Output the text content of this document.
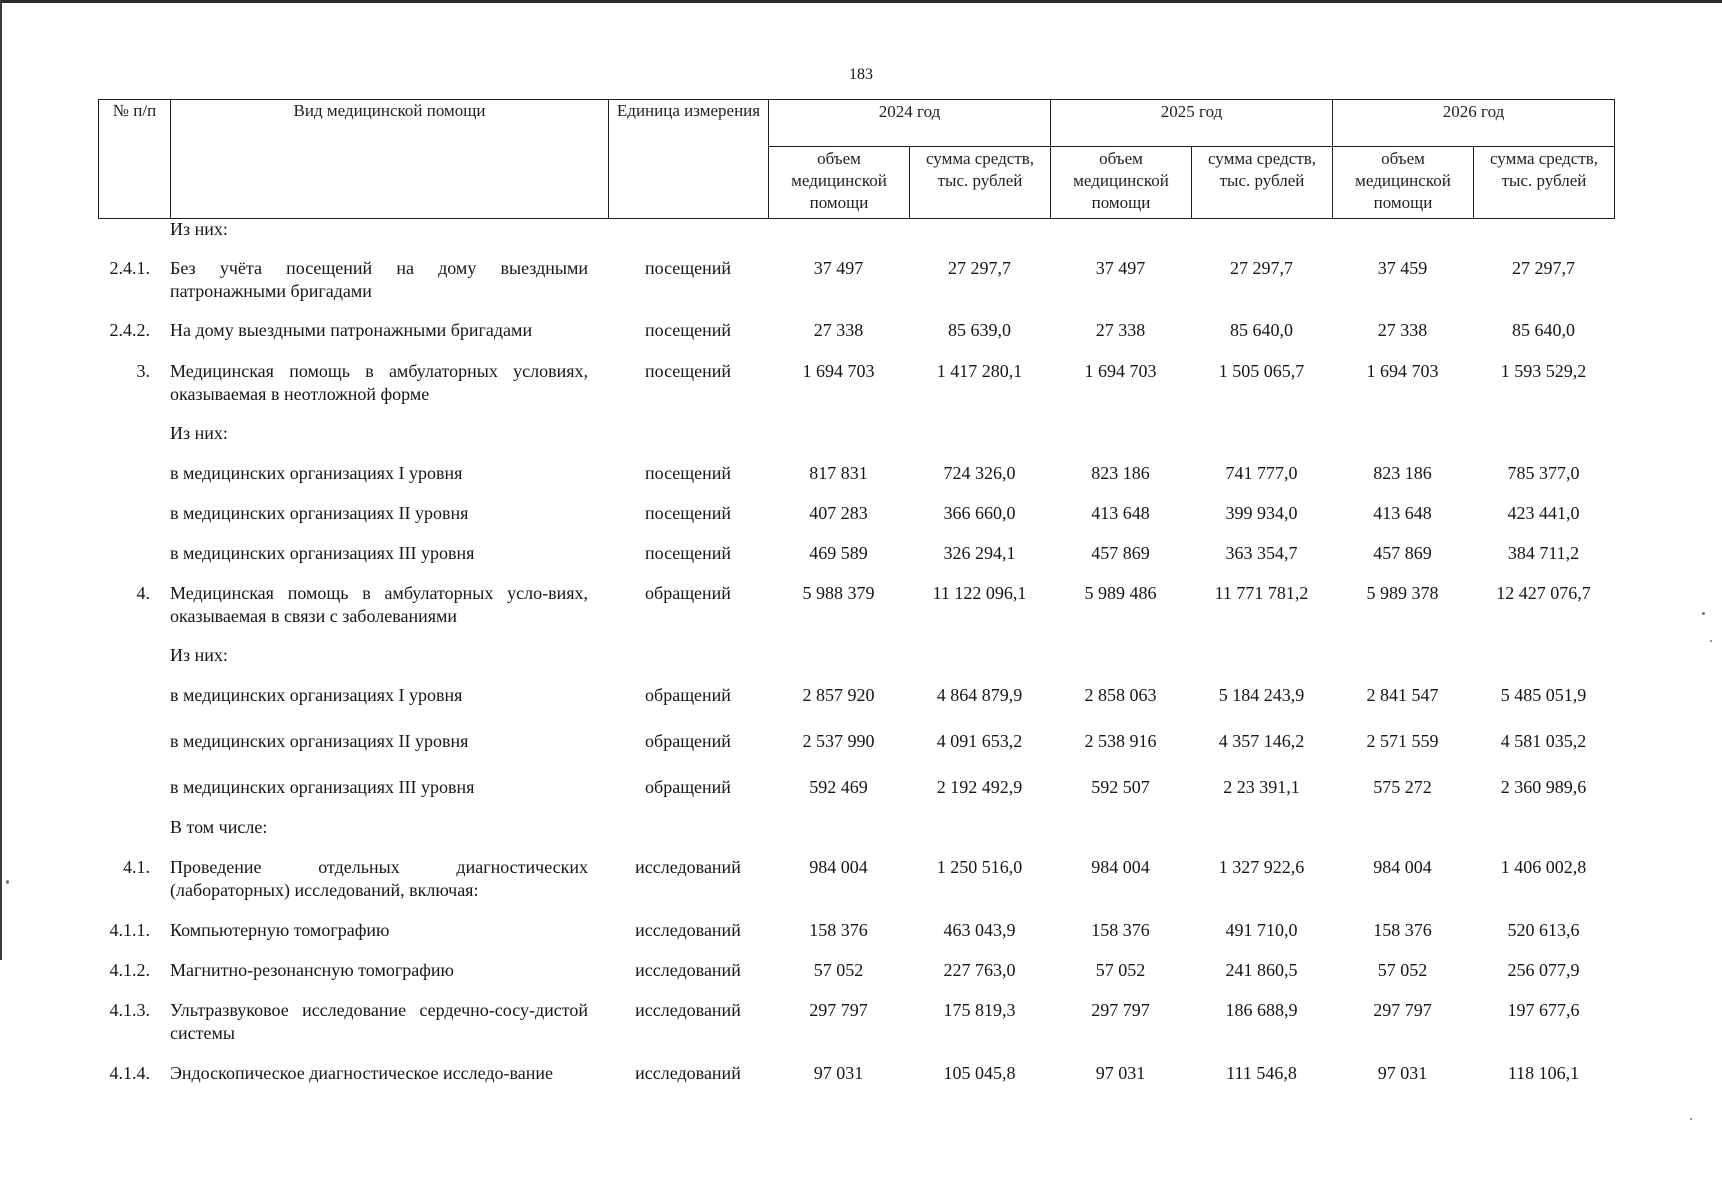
183
№ п/п	Вид медицинской помощи	Единица измерения	2024 год		2025 год		2026 год	
			объем медицинской помощи	сумма средств, тыс. рублей	объем медицинской помощи	сумма средств, тыс. рублей	объем медицинской помощи	сумма средств, тыс. рублей
	Из них:							
2.4.1.	Без учёта посещений на дому выездными патронажными бригадами	посещений	37 497	27 297,7	37 497	27 297,7	37 459	27 297,7
2.4.2.	На дому выездными патронажными бригадами	посещений	27 338	85 639,0	27 338	85 640,0	27 338	85 640,0
3.	Медицинская помощь в амбулаторных условиях, оказываемая в неотложной форме	посещений	1 694 703	1 417 280,1	1 694 703	1 505 065,7	1 694 703	1 593 529,2
	Из них:							
	в медицинских организациях I уровня	посещений	817 831	724 326,0	823 186	741 777,0	823 186	785 377,0
	в медицинских организациях II уровня	посещений	407 283	366 660,0	413 648	399 934,0	413 648	423 441,0
	в медицинских организациях III уровня	посещений	469 589	326 294,1	457 869	363 354,7	457 869	384 711,2
4.	Медицинская помощь в амбулаторных усло-виях, оказываемая в связи с заболеваниями	обращений	5 988 379	11 122 096,1	5 989 486	11 771 781,2	5 989 378	12 427 076,7
	Из них:							
	в медицинских организациях I уровня	обращений	2 857 920	4 864 879,9	2 858 063	5 184 243,9	2 841 547	5 485 051,9
	в медицинских организациях II уровня	обращений	2 537 990	4 091 653,2	2 538 916	4 357 146,2	2 571 559	4 581 035,2
	в медицинских организациях III уровня	обращений	592 469	2 192 492,9	592 507	2 23 391,1	575 272	2 360 989,6
	В том числе:							
4.1.	Проведение отдельных диагностических (лабораторных) исследований, включая:	исследований	984 004	1 250 516,0	984 004	1 327 922,6	984 004	1 406 002,8
4.1.1.	Компьютерную томографию	исследований	158 376	463 043,9	158 376	491 710,0	158 376	520 613,6
4.1.2.	Магнитно-резонансную томографию	исследований	57 052	227 763,0	57 052	241 860,5	57 052	256 077,9
4.1.3.	Ультразвуковое исследование сердечно-сосу-дистой системы	исследований	297 797	175 819,3	297 797	186 688,9	297 797	197 677,6
4.1.4.	Эндоскопическое диагностическое исследо-вание	исследований	97 031	105 045,8	97 031	111 546,8	97 031	118 106,1
